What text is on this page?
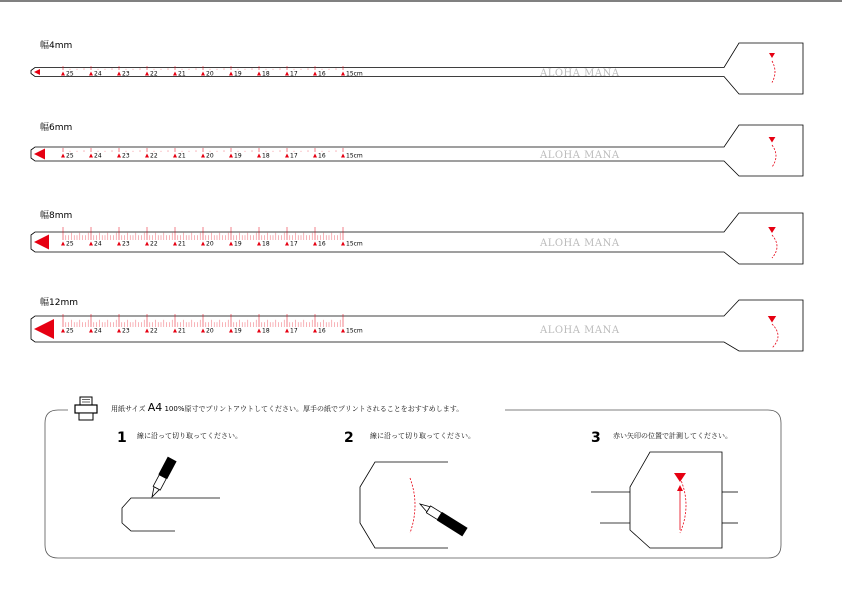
幅4mm
25	24	23	22	21	20	19	18	17	16	15cm	ALOHA MANA
幅6mm
25	24	23	22	21	20	19	18	17	16	15cm	ALOHA MANA
幅8mm
25	24	23	22	21	20	19	18	17	16	15cm	ALOHA MANA
幅12mm
25	24	23	22	21	20	19	18	17	16	15cm	ALOHA MANA
用紙サイズ A4 100%原寸でプリントアウトしてください。厚手の紙でプリントされることをおすすめします。
1 線に沿って切り取ってください。	2 線に沿って切り取ってください。	3 赤い矢印の位置で計測してください。
